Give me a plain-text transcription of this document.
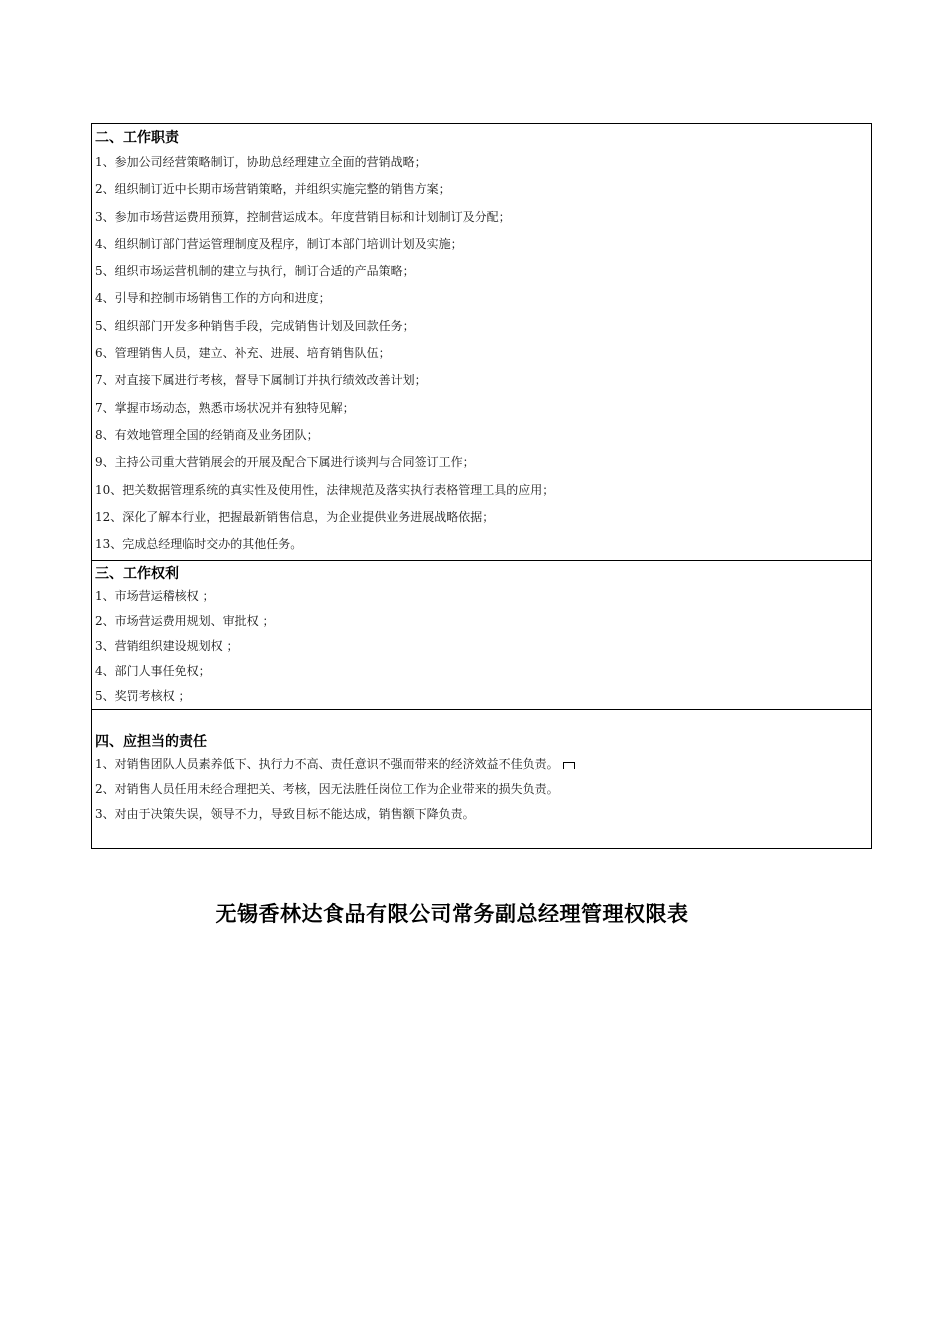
二、工作职责
1、参加公司经营策略制订，协助总经理建立全面的营销战略；
2、组织制订近中长期市场营销策略，并组织实施完整的销售方案；
3、参加市场营运费用预算，控制营运成本。年度营销目标和计划制订及分配；
4、组织制订部门营运管理制度及程序，制订本部门培训计划及实施；
5、组织市场运营机制的建立与执行，制订合适的产品策略；
4、引导和控制市场销售工作的方向和进度；
5、组织部门开发多种销售手段，完成销售计划及回款任务；
6、管理销售人员，建立、补充、进展、培育销售队伍；
7、对直接下属进行考核，督导下属制订并执行绩效改善计划；
7、掌握市场动态，熟悉市场状况并有独特见解；
8、有效地管理全国的经销商及业务团队；
9、主持公司重大营销展会的开展及配合下属进行谈判与合同签订工作；
10、把关数据管理系统的真实性及使用性，法律规范及落实执行表格管理工具的应用；
12、深化了解本行业，把握最新销售信息，为企业提供业务进展战略依据；
13、完成总经理临时交办的其他任务。
三、工作权利
1、市场营运稽核权 ；
2、市场营运费用规划、审批权 ；
3、营销组织建设规划权 ；
4、部门人事任免权；
5、奖罚考核权 ；
四、应担当的责任
1、对销售团队人员素养低下、执行力不高、责任意识不强而带来的经济效益不佳负责。
2、对销售人员任用未经合理把关、考核，因无法胜任岗位工作为企业带来的损失负责。
3、对由于决策失误，领导不力，导致目标不能达成，销售额下降负责。
无锡香林达食品有限公司常务副总经理管理权限表
